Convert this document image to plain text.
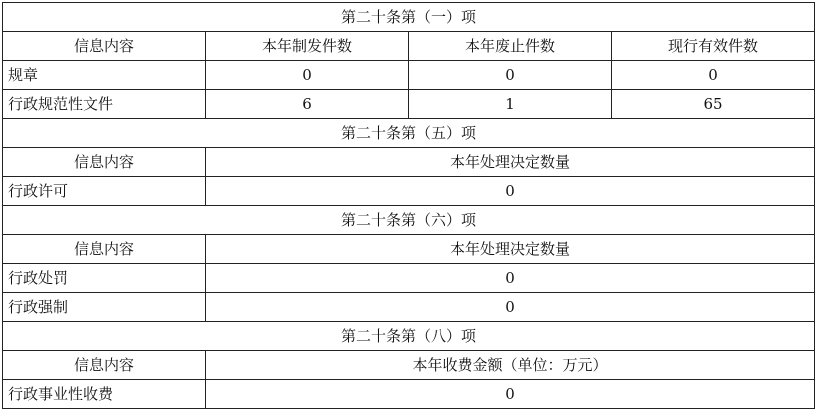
第二十条第（一）项			
信息内容	本年制发件数	本年废止件数	现行有效件数
规章	0	0	0
行政规范性文件	6	1	65
第二十条第（五）项			
信息内容	本年处理决定数量		
行政许可	0		
第二十条第（六）项			
信息内容	本年处理决定数量		
行政处罚	0		
行政强制	0		
第二十条第（八）项			
信息内容	本年收费金额（单位：万元）		
行政事业性收费	0		
